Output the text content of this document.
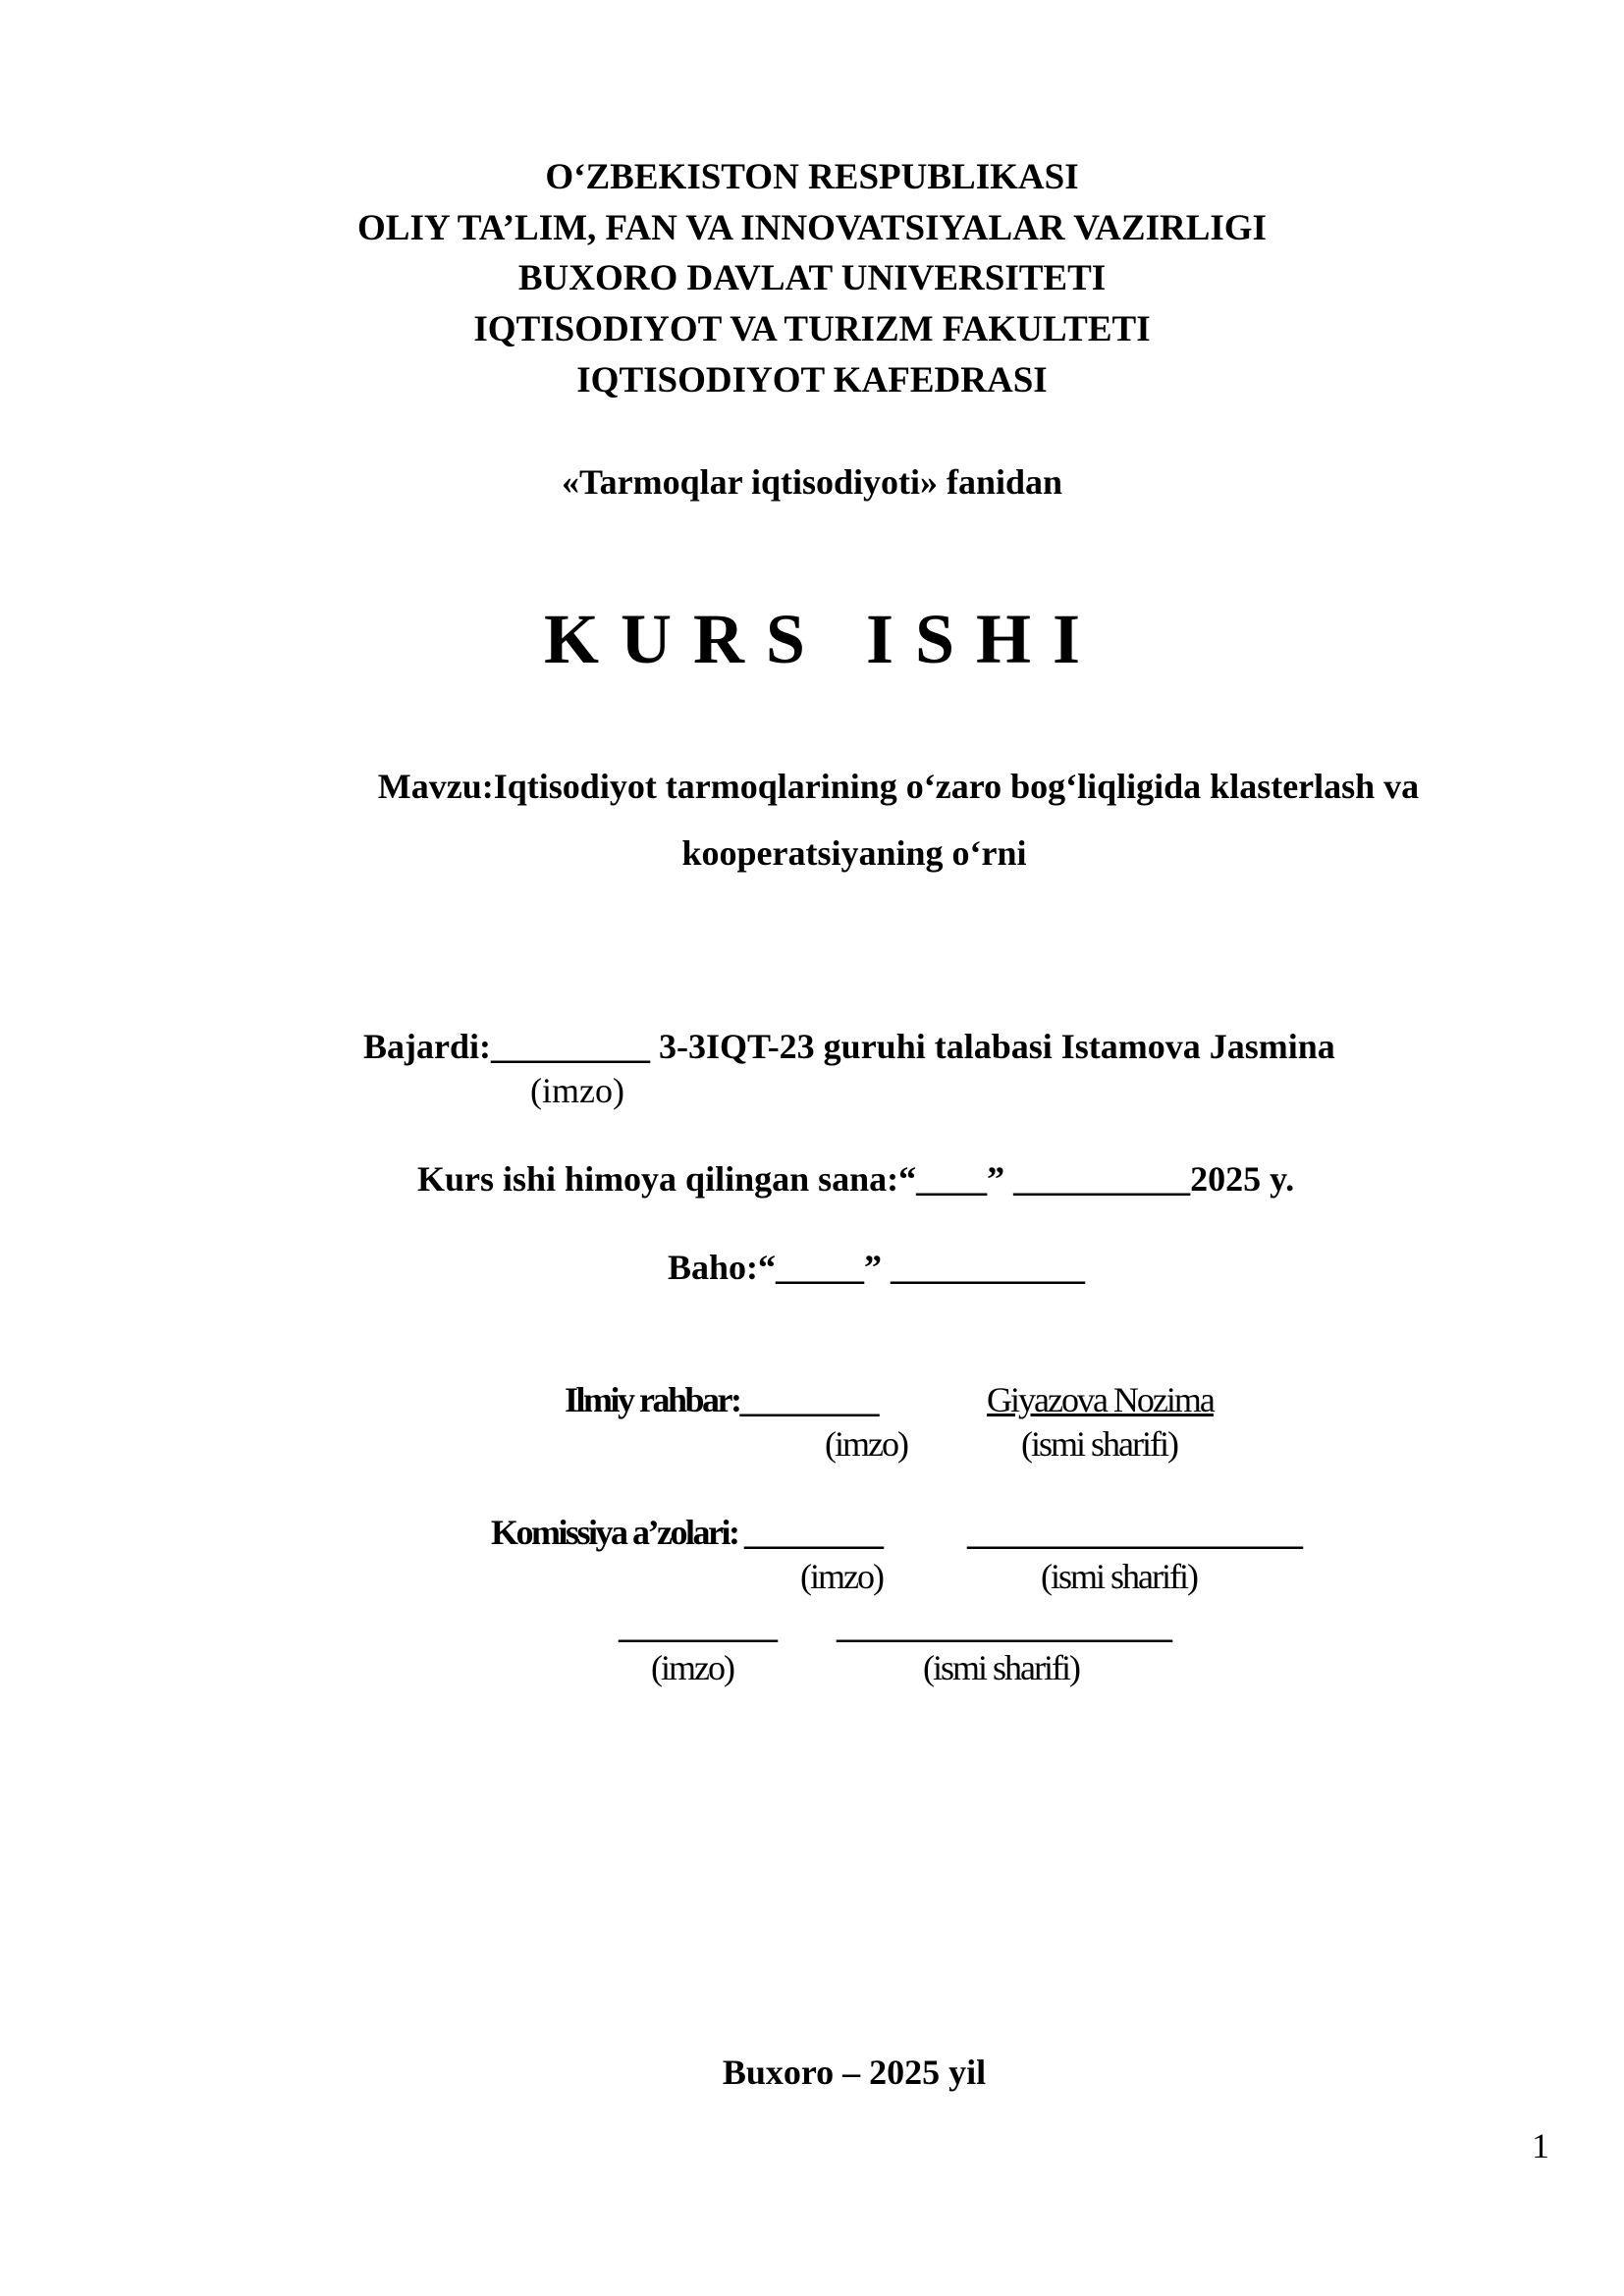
O‘ZBEKISTON RESPUBLIKASI
OLIY TA’LIM, FAN VA INNOVATSIYALAR VAZIRLIGI
BUXORO DAVLAT UNIVERSITETI
IQTISODIYOT VA TURIZM FAKULTETI
IQTISODIYOT KAFEDRASI
«Tarmoqlar iqtisodiyoti» fanidan
KURS ISHI
Mavzu:Iqtisodiyot tarmoqlarining o‘zaro bog‘liqligida klasterlash va
kooperatsiyaning o‘rni
Bajardi:_________ 3-3IQT-23 guruhi talabasi Istamova Jasmina
(imzo)
Kurs ishi himoya qilingan sana:“____” __________2025 y.
Baho:“_____” ___________
Ilmiy rahbar:_________	Giyazova Nozima
(imzo)	(ismi sharifi)
Komissiya a’zolari: _________ ___________________
(imzo)	(ismi sharifi)
_________ ___________________
(imzo)	(ismi sharifi)
Buxoro – 2025 yil
1
